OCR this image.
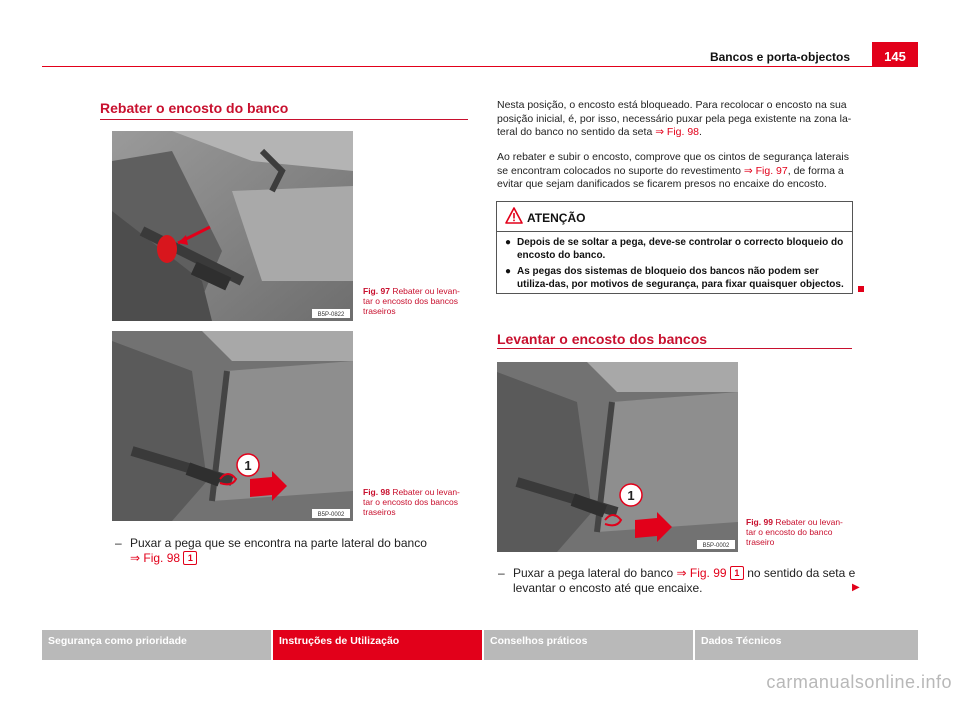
Bancos e porta-objectos	145
Rebater o encosto do banco
B5P-0822
Fig. 97 Rebater ou levan-tar o encosto dos bancos traseiros
1
B5P-0002
Fig. 98 Rebater ou levan-tar o encosto dos bancos traseiros
– Puxar a pega que se encontra na parte lateral do banco
⇒ Fig. 98 1
Nesta posição, o encosto está bloqueado. Para recolocar o encosto na sua posição inicial, é, por isso, necessário puxar pela pega existente na zona la-teral do banco no sentido da seta ⇒ Fig. 98.
Ao rebater e subir o encosto, comprove que os cintos de segurança laterais se encontram colocados no suporte do revestimento ⇒ Fig. 97, de forma a evitar que sejam danificados se ficarem presos no encaixe do encosto.
ATENÇÃO
● Depois de se soltar a pega, deve-se controlar o correcto bloqueio do encosto do banco.
● As pegas dos sistemas de bloqueio dos bancos não podem ser utiliza-das, por motivos de segurança, para fixar quaisquer objectos.
Levantar o encosto dos bancos
1
B5P-0002
Fig. 99 Rebater ou levan-tar o encosto do banco traseiro
– Puxar a pega lateral do banco ⇒ Fig. 99 1 no sentido da seta e levantar o encosto até que encaixe.	▶
Segurança como prioridade	Instruções de Utilização	Conselhos práticos	Dados Técnicos
carmanualsonline.info
